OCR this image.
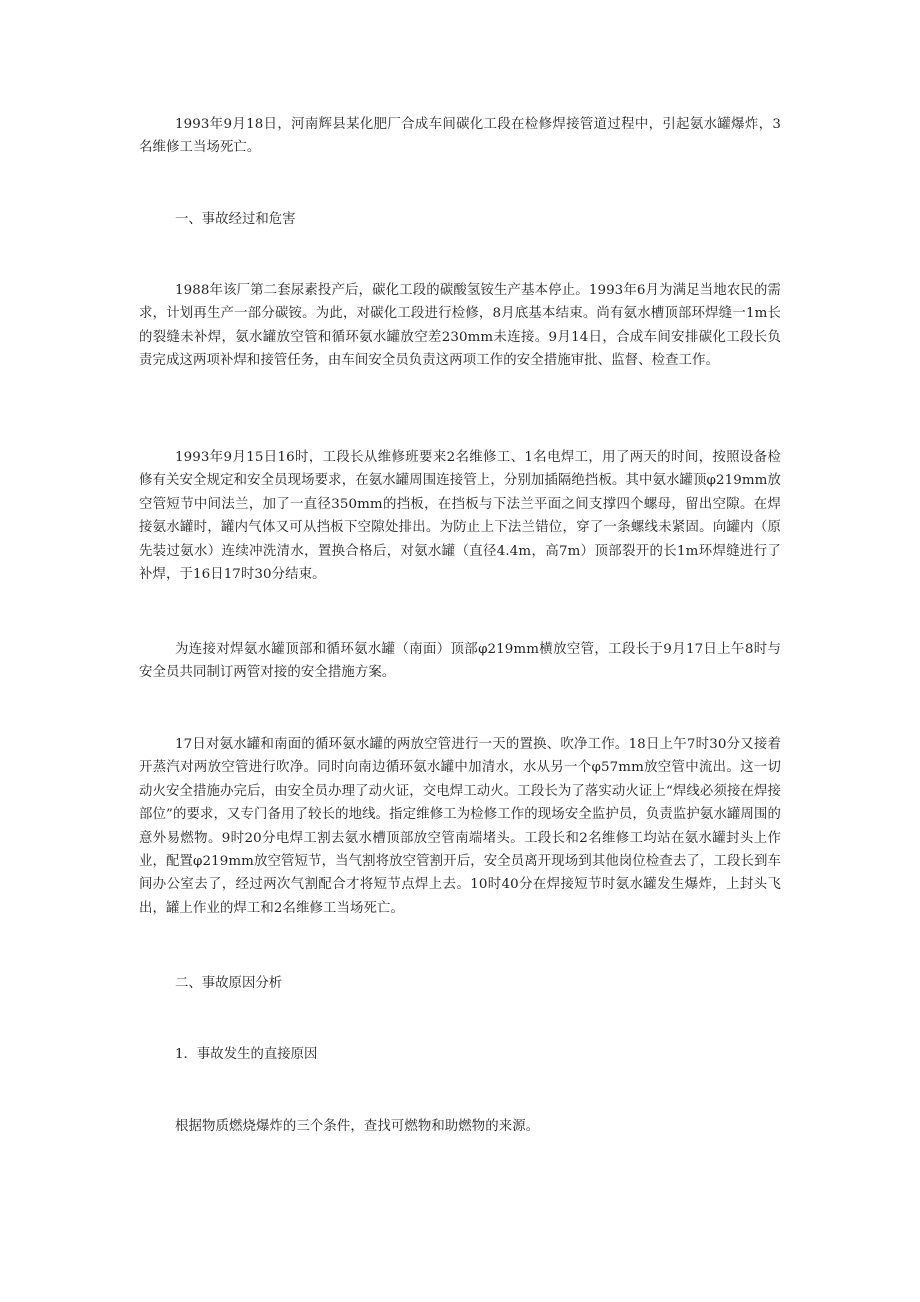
1993年9月18日，河南辉县某化肥厂合成车间碳化工段在检修焊接管道过程中，引起氨水罐爆炸，3名维修工当场死亡。

一、事故经过和危害

1988年该厂第二套尿素投产后，碳化工段的碳酸氢铵生产基本停止。1993年6月为满足当地农民的需求，计划再生产一部分碳铵。为此，对碳化工段进行检修，8月底基本结束。尚有氨水槽顶部环焊缝一1m长的裂缝未补焊，氨水罐放空管和循环氨水罐放空差230mm未连接。9月14日，合成车间安排碳化工段长负责完成这两项补焊和接管任务，由车间安全员负责这两项工作的安全措施审批、监督、检查工作。

1993年9月15日16时，工段长从维修班要来2名维修工、1名电焊工，用了两天的时间，按照设备检修有关安全规定和安全员现场要求，在氨水罐周围连接管上，分别加插隔绝挡板。其中氨水罐顶φ219mm放空管短节中间法兰，加了一直径350mm的挡板，在挡板与下法兰平面之间支撑四个螺母，留出空隙。在焊接氨水罐时，罐内气体又可从挡板下空隙处排出。为防止上下法兰错位，穿了一条螺线未紧固。向罐内（原先装过氨水）连续冲洗清水，置换合格后，对氨水罐（直径4.4m，高7m）顶部裂开的长1m环焊缝进行了补焊，于16日17时30分结束。

为连接对焊氨水罐顶部和循环氨水罐（南面）顶部φ219mm横放空管，工段长于9月17日上午8时与安全员共同制订两管对接的安全措施方案。

17日对氨水罐和南面的循环氨水罐的两放空管进行一天的置换、吹净工作。18日上午7时30分又接着开蒸汽对两放空管进行吹净。同时向南边循环氨水罐中加清水，水从另一个φ57mm放空管中流出。这一切动火安全措施办完后，由安全员办理了动火证，交电焊工动火。工段长为了落实动火证上“焊线必须接在焊接部位”的要求，又专门备用了较长的地线。指定维修工为检修工作的现场安全监护员，负责监护氨水罐周围的意外易燃物。9时20分电焊工割去氨水槽顶部放空管南端堵头。工段长和2名维修工均站在氨水罐封头上作业，配置φ219mm放空管短节，当气割将放空管割开后，安全员离开现场到其他岗位检查去了，工段长到车间办公室去了，经过两次气割配合才将短节点焊上去。10时40分在焊接短节时氨水罐发生爆炸，上封头飞出，罐上作业的焊工和2名维修工当场死亡。

二、事故原因分析

1．事故发生的直接原因

根据物质燃烧爆炸的三个条件，查找可燃物和助燃物的来源。
